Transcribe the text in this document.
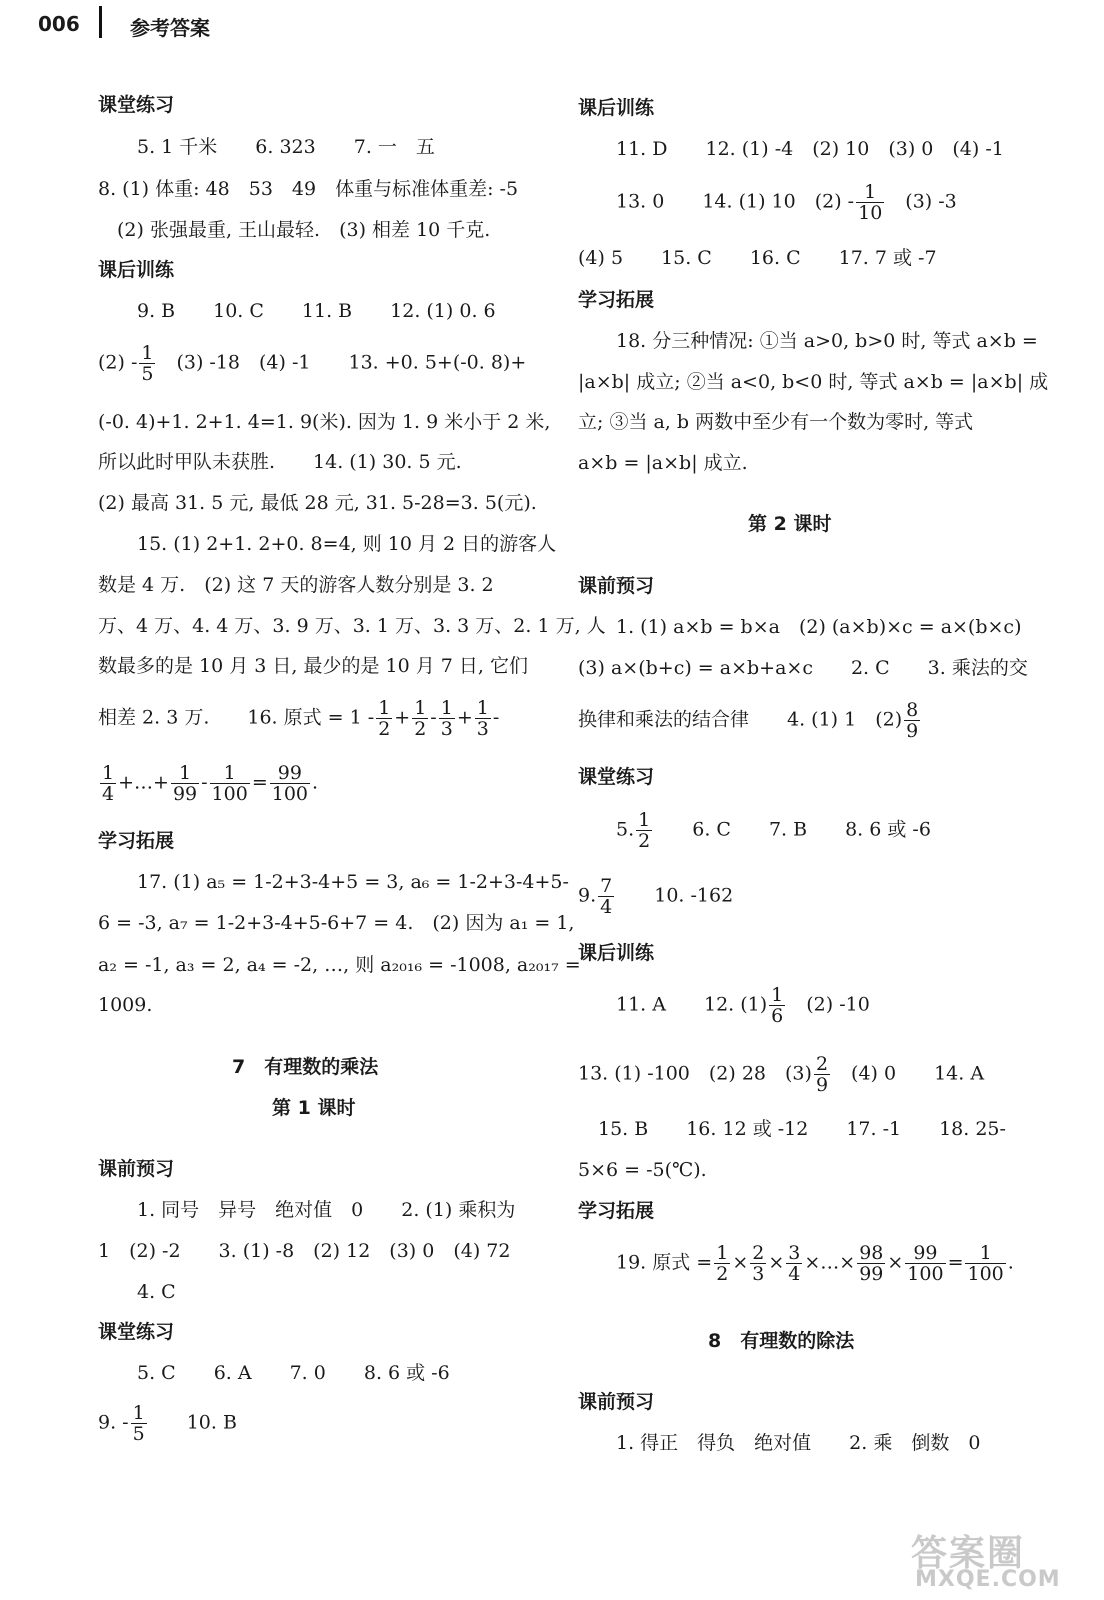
006	参考答案
课堂练习
5. 1 千米　　6. 323　　7. 一　五
8. (1) 体重: 48　53　49　体重与标准体重差: -5
(2) 张强最重, 王山最轻.　(3) 相差 10 千克.
课后训练
9. B　　10. C　　11. B　　12. (1) 0. 6
$(2) - \frac{1}{5}$ 　(3) -18　(4) -1　　13. +0. 5+(-0. 8)+
(-0. 4)+1. 2+1. 4=1. 9(米). 因为 1. 9 米小于 2 米,
所以此时甲队未获胜.　　14. (1) 30. 5 元.
(2) 最高 31. 5 元, 最低 28 元, 31. 5-28=3. 5(元).
15. (1) 2+1. 2+0. 8=4, 则 10 月 2 日的游客人
数是 4 万.　(2) 这 7 天的游客人数分别是 3. 2
万、4 万、4. 4 万、3. 9 万、3. 1 万、3. 3 万、2. 1 万, 人
数最多的是 10 月 3 日, 最少的是 10 月 7 日, 它们
相差 2. 3 万.　　16. 原式 = $1 - \frac{1}{2} + \frac{1}{2} - \frac{1}{3} + \frac{1}{3}$ -
$\frac{1}{4}$ +…+ $\frac{1}{99} - \frac{1}{100} = \frac{99}{100}$ .
学习拓展
17. (1) a₅ = 1-2+3-4+5 = 3, a₆ = 1-2+3-4+5-
6 = -3, a₇ = 1-2+3-4+5-6+7 = 4.　(2) 因为 a₁ = 1,
a₂ = -1, a₃ = 2, a₄ = -2, …, 则 a₂₀₁₆ = -1008, a₂₀₁₇ =
1009.
7　有理数的乘法
第 1 课时
课前预习
1. 同号　异号　绝对值　0　　2. (1) 乘积为
1　(2) -2　　3. (1) -8　(2) 12　(3) 0　(4) 72
4. C
课堂练习
5. C　　6. A　　7. 0　　8. 6 或 -6
9. - $\frac{1}{5}$ 　　10. B
课后训练
11. D　　12. (1) -4　(2) 10　(3) 0　(4) -1
13. 0　　14. (1) 10　$(2) - \frac{1}{10}$ 　(3) -3
(4) 5　　15. C　　16. C　　17. 7 或 -7
学习拓展
18. 分三种情况: ①当 a>0, b>0 时, 等式 a×b =
|a×b| 成立; ②当 a<0, b<0 时, 等式 a×b = |a×b| 成
立; ③当 a, b 两数中至少有一个数为零时, 等式
a×b = |a×b| 成立.
第 2 课时
课前预习
1. (1) a×b = b×a　(2) (a×b)×c = a×(b×c)
(3) a×(b+c) = a×b+a×c　　2. C　　3. 乘法的交
换律和乘法的结合律　　4. (1) 1　$(2) \frac{8}{9}$
课堂练习
5. $\frac{1}{2}$ 　　6. C　　7. B　　8. 6 或 -6
9. $\frac{7}{4}$ 　　10. -162
课后训练
11. A　　12. $(1) \frac{1}{6}$ 　(2) -10
13. (1) -100　(2) 28　$(3) \frac{2}{9}$ 　(4) 0　　14. A
15. B　　16. 12 或 -12　　17. -1　　18. 25-
5×6 = -5(℃).
学习拓展
19. 原式 = $\frac{1}{2} \times \frac{2}{3} \times \frac{3}{4}$ ×…× $\frac{98}{99} \times \frac{99}{100} = \frac{1}{100}$ .
8　有理数的除法
课前预习
1. 得正　得负　绝对值　　2. 乘　倒数　0
答案圈
MXQE.COM
